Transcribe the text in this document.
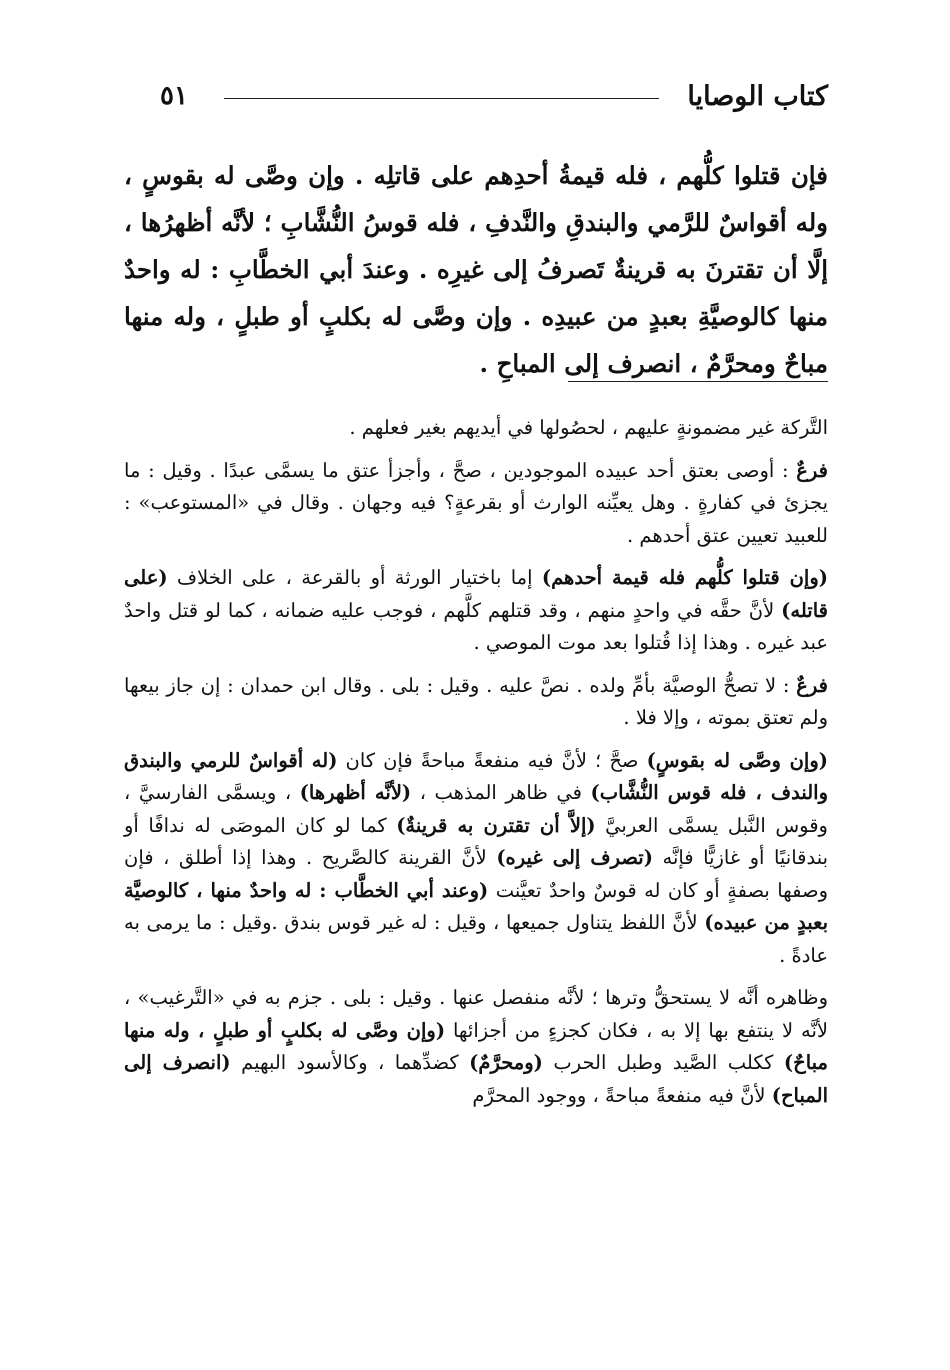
كتاب الوصايا
٥١

فإن قتلوا كلُّهم ، فله قيمةُ أحدِهم على قاتلِه . وإن وصَّى له بقوسٍ ، وله أقواسٌ للرَّمي والبندقِ والنَّدفِ ، فله قوسُ النُّشَّابِ ؛ لأنَّه أظهرُها ، إلَّا أن تقترنَ به قرينةٌ تَصرفُ إلى غيرِه . وعندَ أبي الخطَّابِ : له واحدٌ منها كالوصيَّةِ بعبدٍ من عبيدِه . وإن وصَّى له بكلبٍ أو طبلٍ ، وله منها مباحٌ ومحرَّمٌ ، انصرف إلى المباحِ .

التَّركة غير مضمونةٍ عليهم ، لحصُولها في أيديهم بغير فعلهم .

فرعٌ : أوصى بعتق أحد عبيده الموجودين ، صحَّ ، وأجزأ عتق ما يسمَّى عبدًا . وقيل : ما يجزئ في كفارةٍ . وهل يعيِّنه الوارث أو بقرعةٍ؟ فيه وجهان . وقال في «المستوعب» : للعبيد تعيين عتق أحدهم .

(وإن قتلوا كلُّهم فله قيمة أحدهم) إما باختيار الورثة أو بالقرعة ، على الخلاف (على قاتله) لأنَّ حقَّه في واحدٍ منهم ، وقد قتلهم كلَّهم ، فوجب عليه ضمانه ، كما لو قتل واحدٌ عبد غيره . وهذا إذا قُتلوا بعد موت الموصي .

فرعٌ : لا تصحُّ الوصيَّة بأمِّ ولده . نصَّ عليه . وقيل : بلى . وقال ابن حمدان : إن جاز بيعها ولم تعتق بموته ، وإلا فلا .

(وإن وصَّى له بقوسٍ) صحَّ ؛ لأنَّ فيه منفعةً مباحةً فإن كان (له أقواسٌ للرمي والبندق والندف ، فله قوس النُّشَّاب) في ظاهر المذهب ، (لأنَّه أظهرها) ، ويسمَّى الفارسيَّ ، وقوس النَّبل يسمَّى العربيَّ (إلاَّ أن تقترن به قرينةٌ) كما لو كان الموصَى له ندافًا أو بندقانيًا أو غازيًّا فإنَّه (تصرف إلى غيره) لأنَّ القرينة كالصَّريح . وهذا إذا أطلق ، فإن وصفها بصفةٍ أو كان له قوسٌ واحدٌ تعيَّنت (وعند أبي الخطَّاب : له واحدٌ منها ، كالوصيَّة بعبدٍ من عبيده) لأنَّ اللفظ يتناول جميعها ، وقيل : له غير قوس بندق .وقيل : ما يرمى به عادةً .

وظاهره أنَّه لا يستحقُّ وترها ؛ لأنَّه منفصل عنها . وقيل : بلى . جزم به في «التَّرغيب» ، لأنَّه لا ينتفع بها إلا به ، فكان كجزءٍ من أجزائها (وإن وصَّى له بكلبٍ أو طبلٍ ، وله منها مباحٌ) ككلب الصَّيد وطبل الحرب (ومحرَّمٌ) كضدِّهما ، وكالأسود البهيم (انصرف إلى المباح) لأنَّ فيه منفعةً مباحةً ، ووجود المحرَّم
